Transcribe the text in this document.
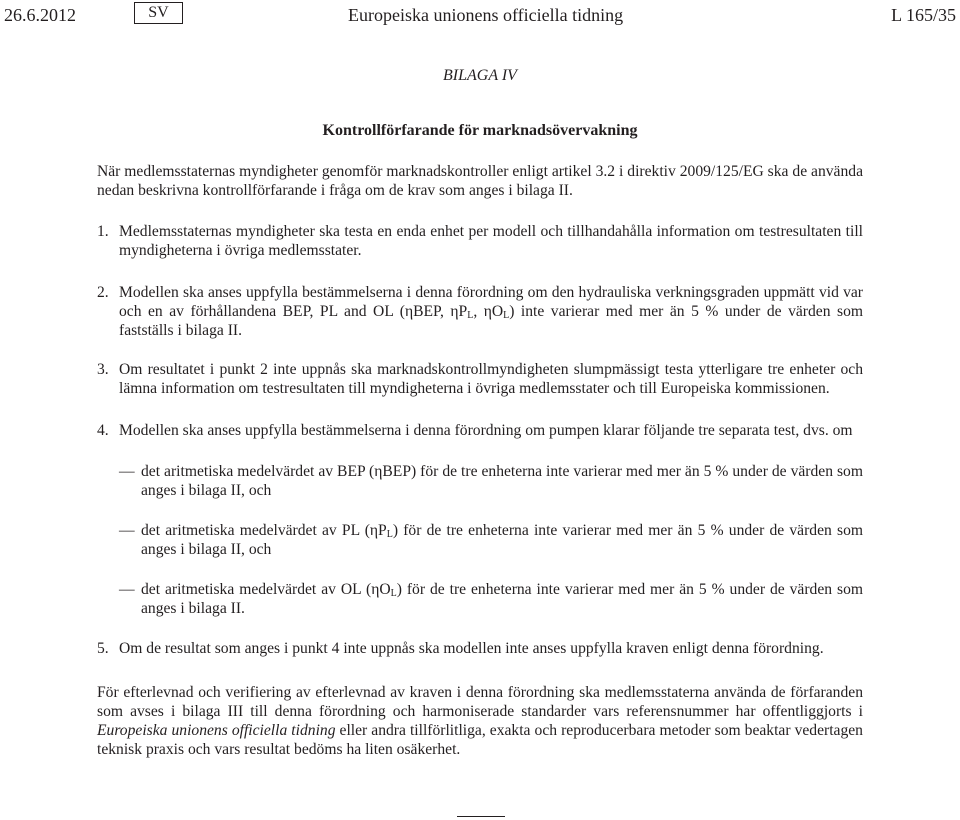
26.6.2012	SV	Europeiska unionens officiella tidning	L 165/35
BILAGA IV
Kontrollförfarande för marknadsövervakning
När medlemsstaternas myndigheter genomför marknadskontroller enligt artikel 3.2 i direktiv 2009/125/EG ska de använda nedan beskrivna kontrollförfarande i fråga om de krav som anges i bilaga II.
1. Medlemsstaternas myndigheter ska testa en enda enhet per modell och tillhandahålla information om testresultaten till myndigheterna i övriga medlemsstater.
2. Modellen ska anses uppfylla bestämmelserna i denna förordning om den hydrauliska verkningsgraden uppmätt vid var och en av förhållandena BEP, PL and OL (ηBEP, $\eta P_L$, $\eta O_L$) inte varierar med mer än 5 % under de värden som fastställs i bilaga II.
3. Om resultatet i punkt 2 inte uppnås ska marknadskontrollmyndigheten slumpmässigt testa ytterligare tre enheter och lämna information om testresultaten till myndigheterna i övriga medlemsstater och till Europeiska kommissionen.
4. Modellen ska anses uppfylla bestämmelserna i denna förordning om pumpen klarar följande tre separata test, dvs. om
— det aritmetiska medelvärdet av BEP (ηBEP) för de tre enheterna inte varierar med mer än 5 % under de värden som anges i bilaga II, och
— det aritmetiska medelvärdet av PL $(\eta P_L)$ för de tre enheterna inte varierar med mer än 5 % under de värden som anges i bilaga II, och
— det aritmetiska medelvärdet av OL $(\eta O_L)$ för de tre enheterna inte varierar med mer än 5 % under de värden som anges i bilaga II.
5. Om de resultat som anges i punkt 4 inte uppnås ska modellen inte anses uppfylla kraven enligt denna förordning.
För efterlevnad och verifiering av efterlevnad av kraven i denna förordning ska medlemsstaterna använda de förfaranden som avses i bilaga III till denna förordning och harmoniserade standarder vars referensnummer har offentliggjorts i Europeiska unionens officiella tidning eller andra tillförlitliga, exakta och reproducerbara metoder som beaktar vedertagen teknisk praxis och vars resultat bedöms ha liten osäkerhet.
